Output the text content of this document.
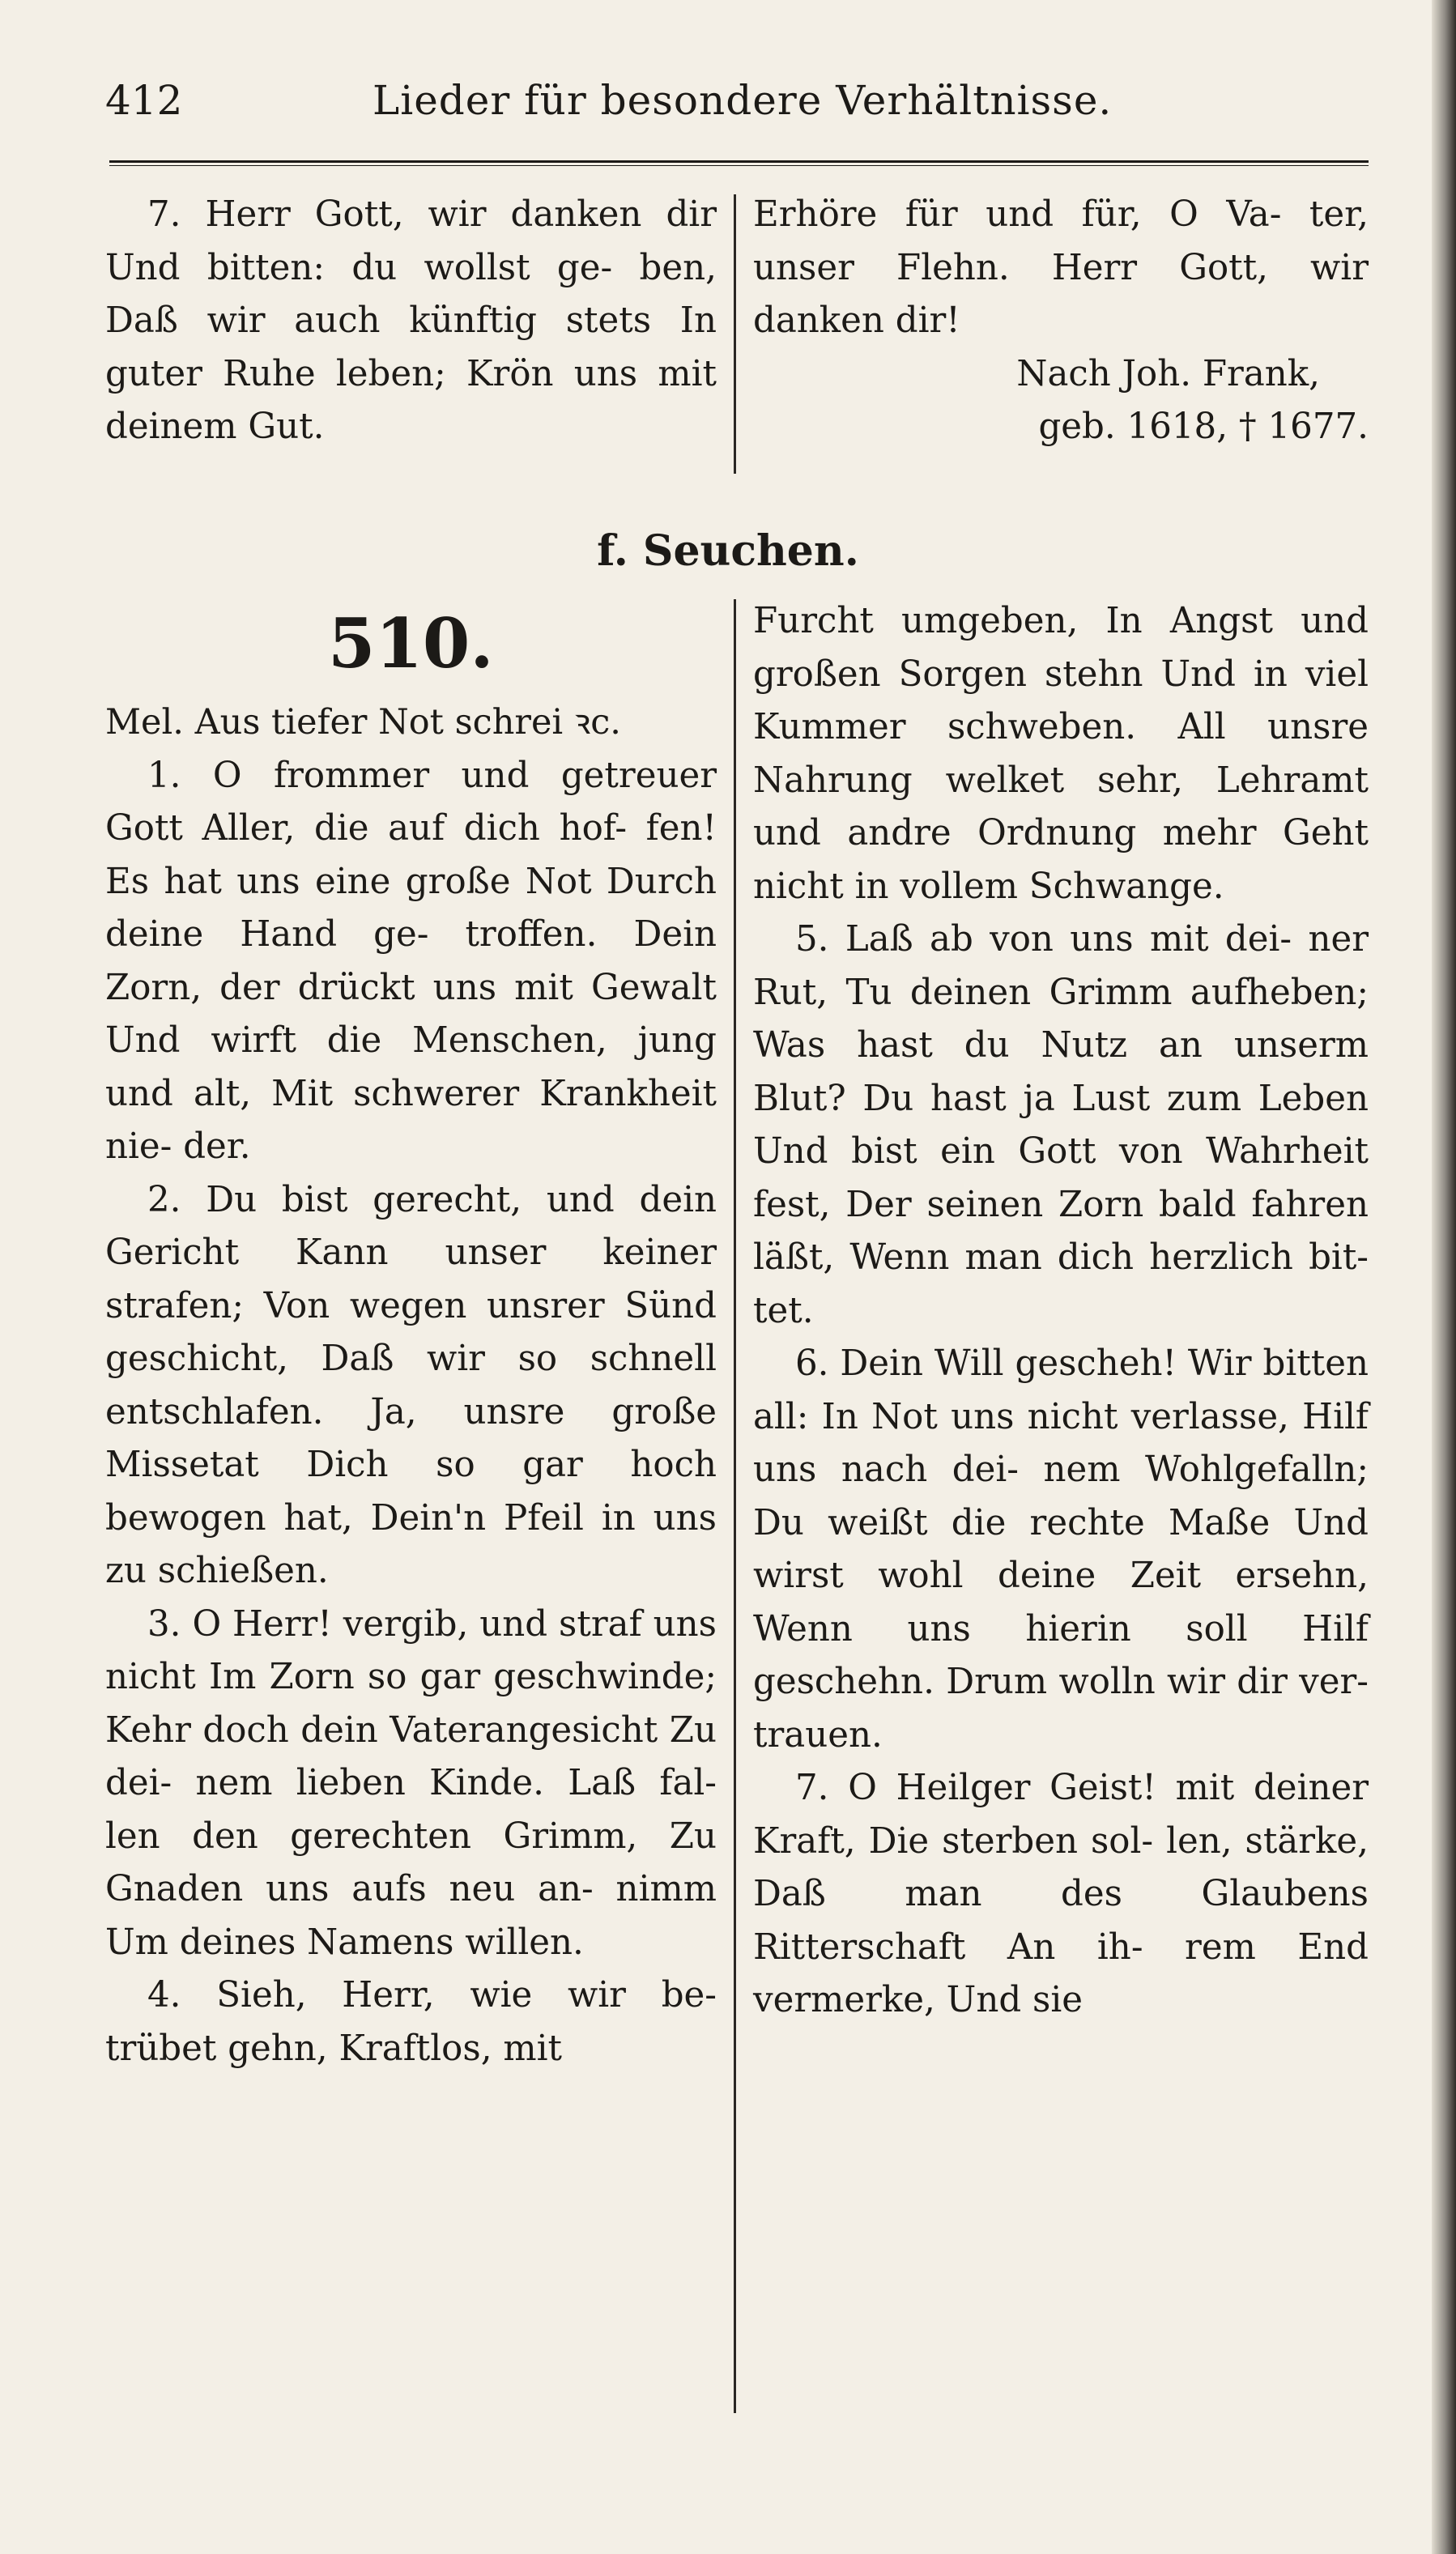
412	Lieder für besondere Verhältnisse.

7. Herr Gott, wir danken dir Und bitten: du wollst ge- ben, Daß wir auch künftig stets In guter Ruhe leben; Krön uns mit deinem Gut.

Erhöre für und für, O Va- ter, unser Flehn. Herr Gott, wir danken dir!

Nach Joh. Frank,

geb. 1618, † 1677.

f. Seuchen.
510.

Mel. Aus tiefer Not schrei ꝛc.

1. O frommer und getreuer Gott Aller, die auf dich hof- fen! Es hat uns eine große Not Durch deine Hand ge- troffen. Dein Zorn, der drückt uns mit Gewalt Und wirft die Menschen, jung und alt, Mit schwerer Krankheit nie- der.

2. Du bist gerecht, und dein Gericht Kann unser keiner strafen; Von wegen unsrer Sünd geschicht, Daß wir so schnell entschlafen. Ja, unsre große Missetat Dich so gar hoch bewogen hat, Dein'n Pfeil in uns zu schießen.

3. O Herr! vergib, und straf uns nicht Im Zorn so gar geschwinde; Kehr doch dein Vaterangesicht Zu dei- nem lieben Kinde. Laß fal- len den gerechten Grimm, Zu Gnaden uns aufs neu an- nimm Um deines Namens willen.

4. Sieh, Herr, wie wir be- trübet gehn, Kraftlos, mit

Furcht umgeben, In Angst und großen Sorgen stehn Und in viel Kummer schweben. All unsre Nahrung welket sehr, Lehramt und andre Ordnung mehr Geht nicht in vollem Schwange.

5. Laß ab von uns mit dei- ner Rut, Tu deinen Grimm aufheben; Was hast du Nutz an unserm Blut? Du hast ja Lust zum Leben Und bist ein Gott von Wahrheit fest, Der seinen Zorn bald fahren läßt, Wenn man dich herzlich bit- tet.

6. Dein Will gescheh! Wir bitten all: In Not uns nicht verlasse, Hilf uns nach dei- nem Wohlgefalln; Du weißt die rechte Maße Und wirst wohl deine Zeit ersehn, Wenn uns hierin soll Hilf geschehn. Drum wolln wir dir ver- trauen.

7. O Heilger Geist! mit deiner Kraft, Die sterben sol- len, stärke, Daß man des Glaubens Ritterschaft An ih- rem End vermerke, Und sie
